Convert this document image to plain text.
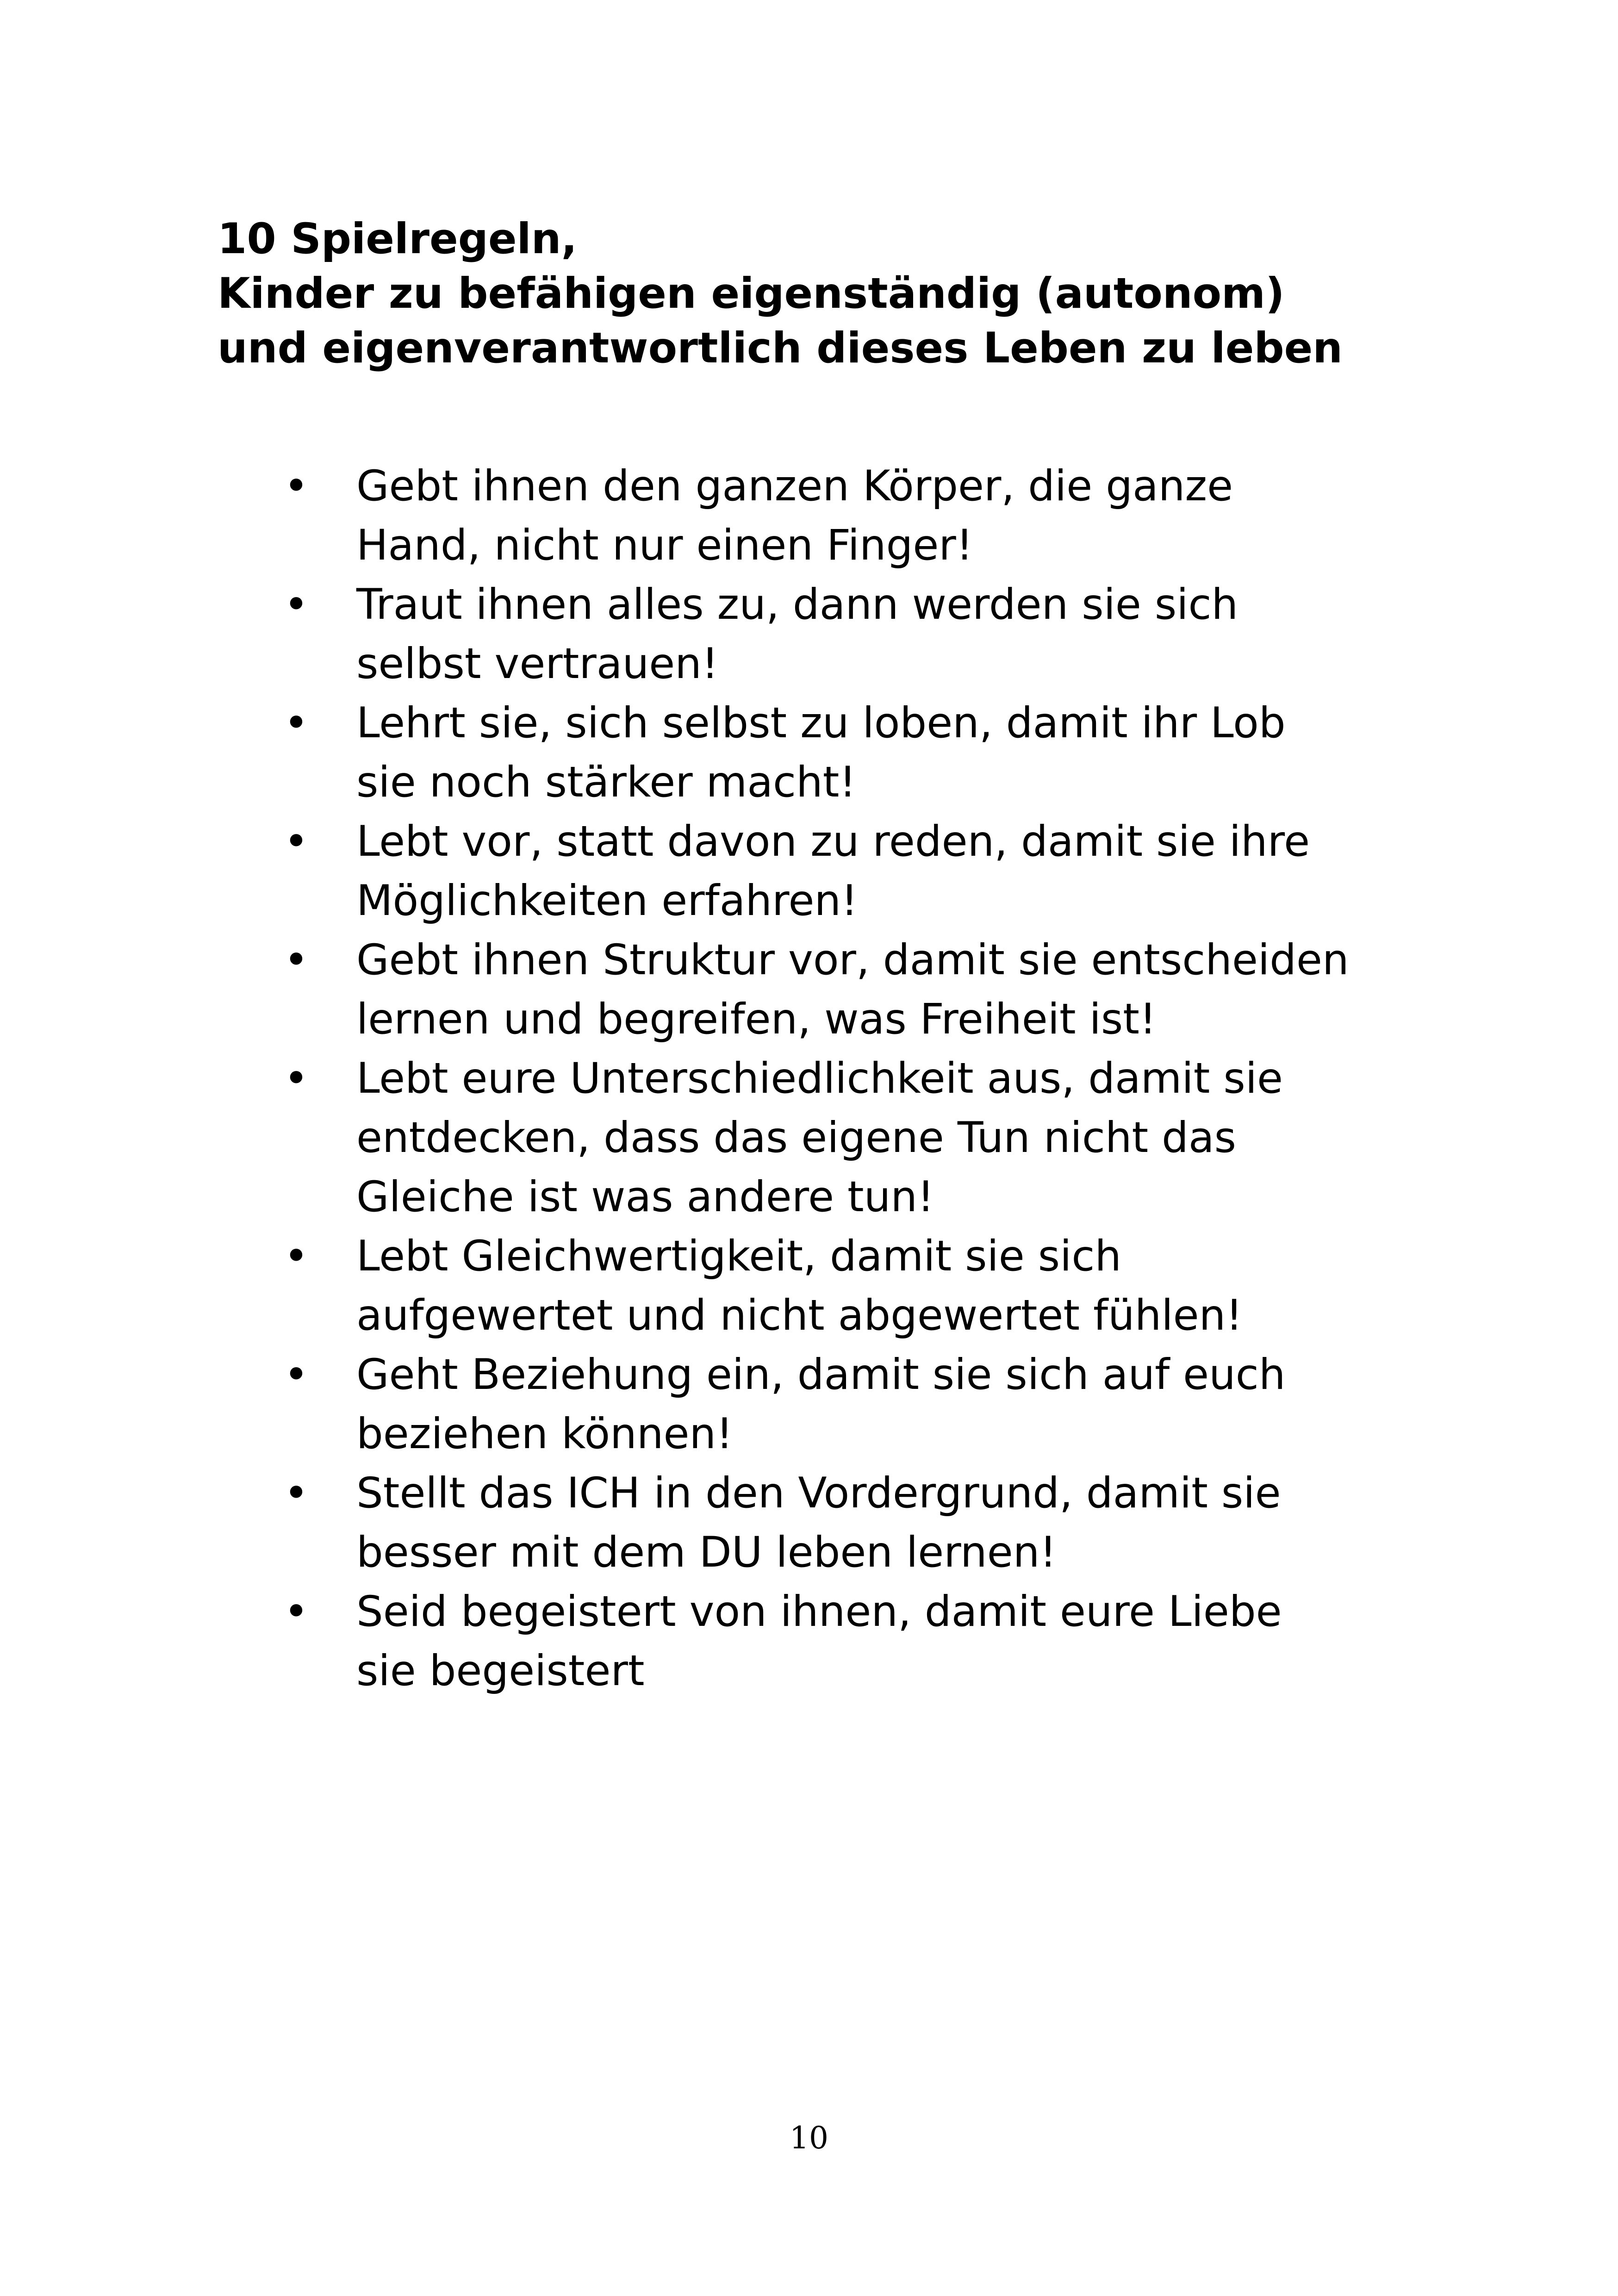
10 Spielregeln,
Kinder zu befähigen eigenständig (autonom)
und eigenverantwortlich dieses Leben zu leben
• Gebt ihnen den ganzen Körper, die ganze
Hand, nicht nur einen Finger!
• Traut ihnen alles zu, dann werden sie sich
selbst vertrauen!
• Lehrt sie, sich selbst zu loben, damit ihr Lob
sie noch stärker macht!
• Lebt vor, statt davon zu reden, damit sie ihre
Möglichkeiten erfahren!
• Gebt ihnen Struktur vor, damit sie entscheiden
lernen und begreifen, was Freiheit ist!
• Lebt eure Unterschiedlichkeit aus, damit sie
entdecken, dass das eigene Tun nicht das
Gleiche ist was andere tun!
• Lebt Gleichwertigkeit, damit sie sich
aufgewertet und nicht abgewertet fühlen!
• Geht Beziehung ein, damit sie sich auf euch
beziehen können!
• Stellt das ICH in den Vordergrund, damit sie
besser mit dem DU leben lernen!
• Seid begeistert von ihnen, damit eure Liebe
sie begeistert
10
